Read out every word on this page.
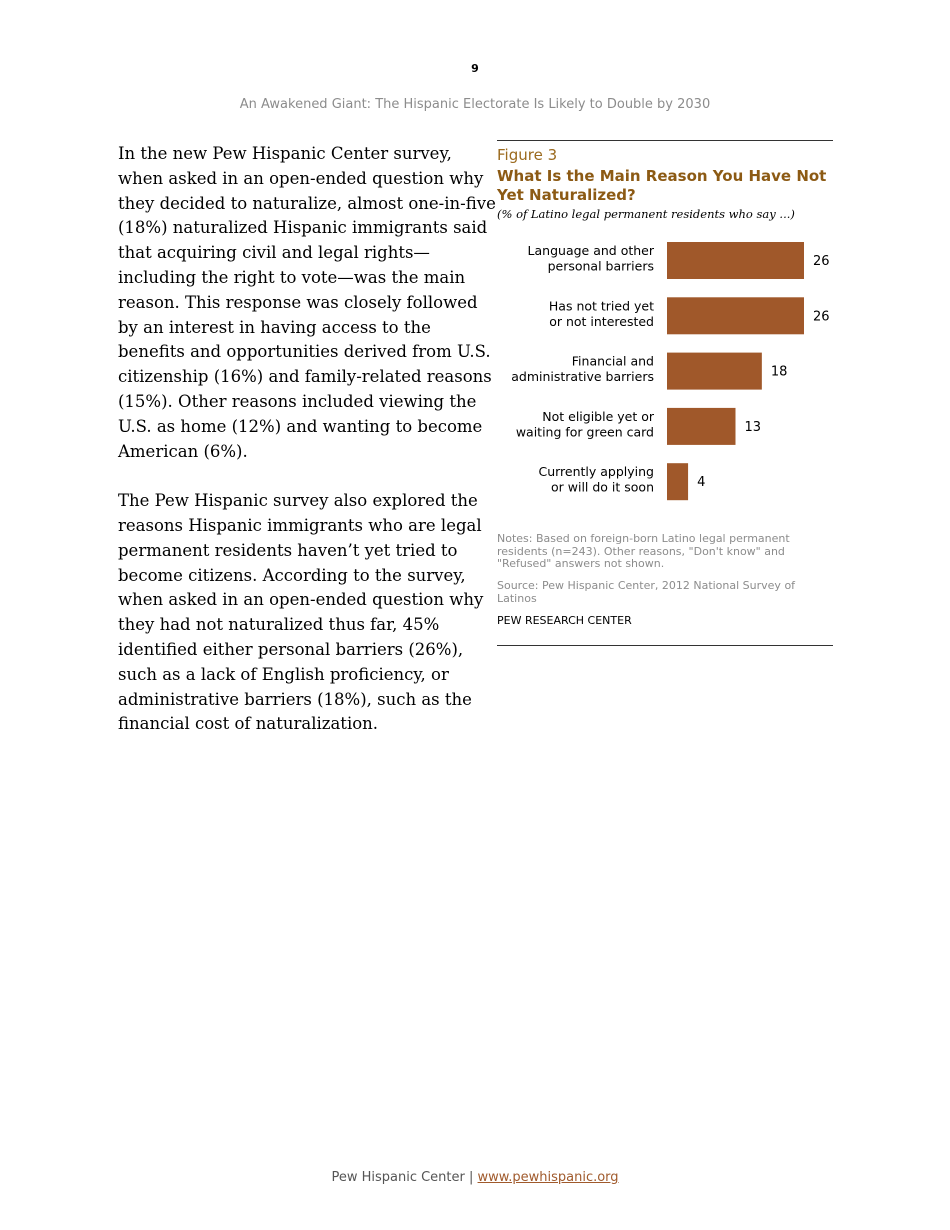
9
An Awakened Giant: The Hispanic Electorate Is Likely to Double by 2030

In the new Pew Hispanic Center survey, when asked in an open-ended question why they decided to naturalize, almost one-in-five (18%) naturalized Hispanic immigrants said that acquiring civil and legal rights—including the right to vote—was the main reason. This response was closely followed by an interest in having access to the benefits and opportunities derived from U.S. citizenship (16%) and family-related reasons (15%). Other reasons included viewing the U.S. as home (12%) and wanting to become American (6%).

The Pew Hispanic survey also explored the reasons Hispanic immigrants who are legal permanent residents haven’t yet tried to become citizens. According to the survey, when asked in an open-ended question why they had not naturalized thus far, 45% identified either personal barriers (26%), such as a lack of English proficiency, or administrative barriers (18%), such as the financial cost of naturalization.

Figure 3
What Is the Main Reason You Have Not Yet Naturalized?
(% of Latino legal permanent residents who say ...)
26
Language and other
personal barriers
26
Has not tried yet
or not interested
18
Financial and
administrative barriers
13
Not eligible yet or
waiting for green card
4
Currently applying
or will do it soon
Notes: Based on foreign-born Latino legal permanent residents (n=243). Other reasons, "Don't know" and "Refused" answers not shown.
Source: Pew Hispanic Center, 2012 National Survey of Latinos
PEW RESEARCH CENTER
Pew Hispanic Center | www.pewhispanic.org
